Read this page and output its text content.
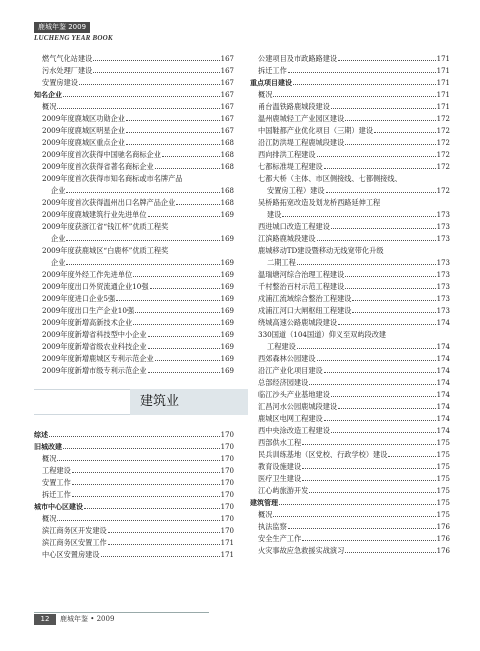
鹿城年鉴 2009
LUCHENG YEAR BOOK
燃气气化站建设	167
污水处理厂建设	167
安置房建设	167
知名企业	167
概况	167
2009年度鹿城区功勋企业	167
2009年度鹿城区明星企业	167
2009年度鹿城区重点企业	168
2009年度首次获得中国驰名商标企业	168
2009年度首次获得省著名商标企业	168
2009年度首次获得市知名商标或市名牌产品
企业	168
2009年度首次获得温州出口名牌产品企业	168
2009年度鹿城建筑行业先进单位	169
2009年度获浙江省“钱江杯”优质工程奖
企业	169
2009年度获鹿城区“白鹿杯”优质工程奖
企业	169
2009年度外经工作先进单位	169
2009年度出口外贸流通企业10强	169
2009年度进口企业5强	169
2009年度出口生产企业10强	169
2009年度新增高新技术企业	169
2009年度新增省科技型中小企业	169
2009年度新增省级农业科技企业	169
2009年度新增鹿城区专利示范企业	169
2009年度新增市级专利示范企业	169
建筑业
综述	170
旧城改建	170
概况	170
工程建设	170
安置工作	170
拆迁工作	170
城市中心区建设	170
概况	170
滨江商务区开发建设	170
滨江商务区安置工作	171
中心区安置房建设	171
公建项目及市政路路建设	171
拆迁工作	171
重点项目建设	171
概况	171
甬台温铁路鹿城段建设	171
温州鹿城轻工产业园区建设	172
中国鞋都产业优化项目（三期）建设	172
沿江防洪堤工程鹿城段建设	172
西向排洪工程建设	172
七都标准堤工程建设	172
七都大桥（主体、市区侧接线、七都侧接线、
安置房工程）建设	172
吴桥路拓宽改造及划龙桥西路延伸工程
建设	173
西进城口改造工程建设	173
江滨路鹿城段建设	173
鹿城移动TD建设暨移动无线宽带化升级
二期工程	173
温瑞塘河综合治理工程建设	173
千村整治百村示范工程建设	173
戍浦江流域综合整治工程建设	173
戍浦江河口大闸枢纽工程建设	173
绕城高速公路鹿城段建设	174
330国道（104国道）仰义至双屿段改建
工程建设	174
西郊森林公园建设	174
沿江产业化项目建设	174
总部经济园建设	174
临江沙头产业基地建设	174
汇昌河水公园鹿城段建设	174
鹿城区电网工程建设	174
西中央涂改造工程建设	174
西部供水工程	175
民兵训练基地（区党校、行政学校）建设	175
教育设施建设	175
医疗卫生建设	175
江心屿旅游开发	175
建筑管理	175
概况	175
执法监察	176
安全生产工作	176
火灾事故应急救援实战演习	176
12	鹿城年鉴 • 2009
